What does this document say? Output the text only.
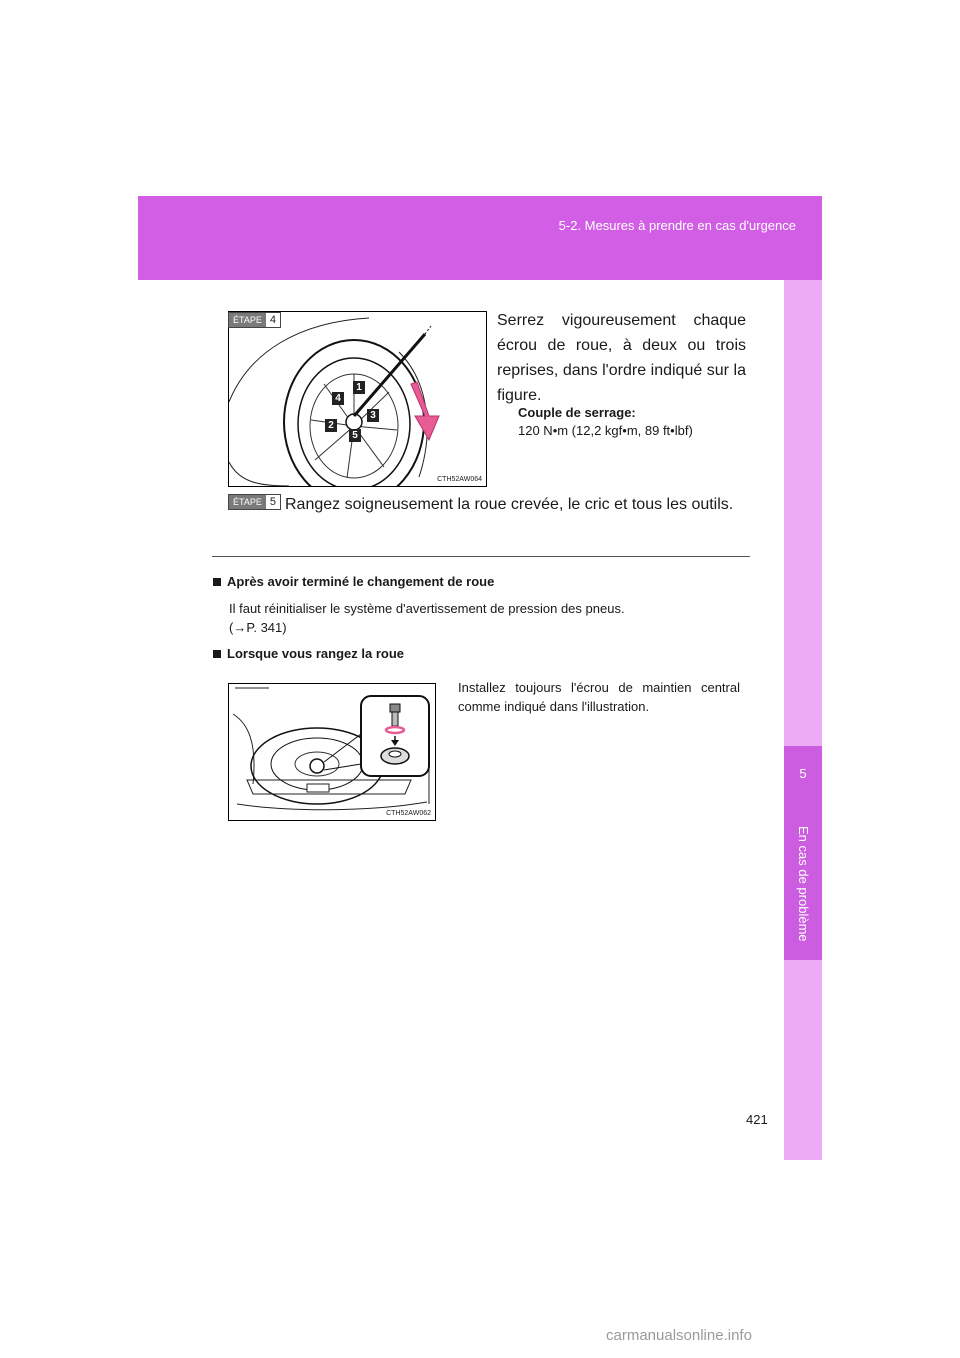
5-2. Mesures à prendre en cas d'urgence
5
En cas de problème
1
4
3
2
5
CTH52AW064
ÉTAPE 4	Serrez vigoureusement chaque écrou de roue, à deux ou trois reprises, dans l'ordre indiqué sur la figure.
Couple de serrage:
120 N•m (12,2 kgf•m, 89 ft•lbf)
ÉTAPE 5 Rangez soigneusement la roue crevée, le cric et tous les outils.
Après avoir terminé le changement de roue
Il faut réinitialiser le système d'avertissement de pression des pneus.
(→P. 341)
Lorsque vous rangez la roue
CTH52AW062
Installez toujours l'écrou de maintien central comme indiqué dans l'illustration.
421
carmanualsonline.info
